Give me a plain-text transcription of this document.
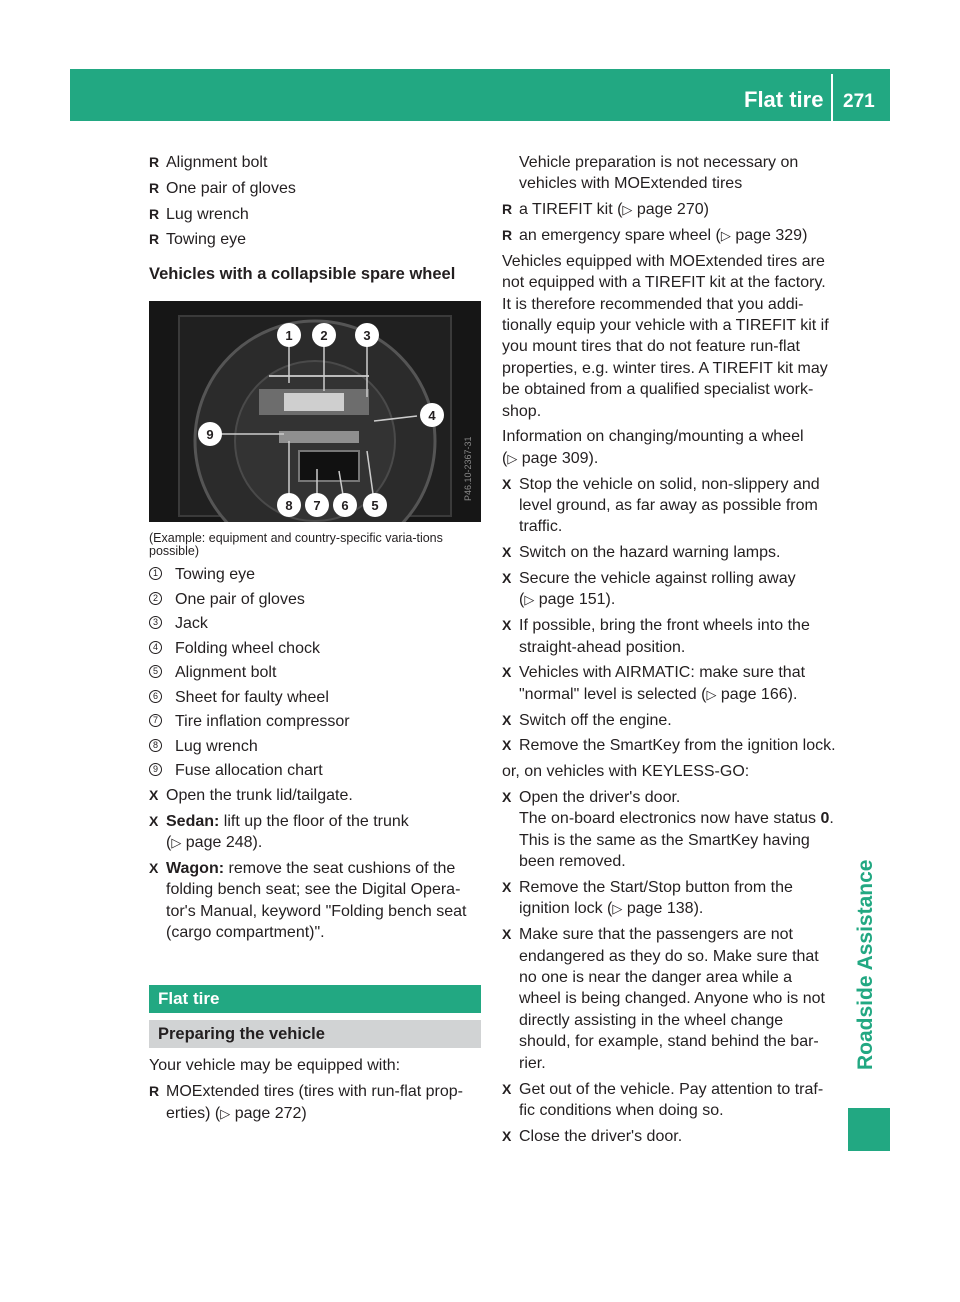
Flat tire 271
Roadside Assistance
R Alignment bolt
R One pair of gloves
R Lug wrench
R Towing eye
Vehicles with a collapsible spare wheel
1 2	3
4
5
6
7
8
9
P46.10-2367-31
(Example: equipment and country-specific varia-tions possible)
1 Towing eye
2 One pair of gloves
3 Jack
4 Folding wheel chock
5 Alignment bolt
6 Sheet for faulty wheel
7 Tire inflation compressor
8 Lug wrench
9 Fuse allocation chart
X Open the trunk lid/tailgate.
X Sedan: lift up the floor of the trunk
(▷ page 248).
X Wagon: remove the seat cushions of the folding bench seat; see the Digital Opera-tor's Manual, keyword "Folding bench seat (cargo compartment)".
Flat tire
Preparing the vehicle
Your vehicle may be equipped with:
R MOExtended tires (tires with run-flat prop-erties) (▷ page 272)
Vehicle preparation is not necessary on vehicles with MOExtended tires
R a TIREFIT kit (▷ page 270)
R an emergency spare wheel (▷ page 329)
Vehicles equipped with MOExtended tires are not equipped with a TIREFIT kit at the factory. It is therefore recommended that you addi-tionally equip your vehicle with a TIREFIT kit if you mount tires that do not feature run-flat properties, e.g. winter tires. A TIREFIT kit may be obtained from a qualified specialist work-shop.
Information on changing/mounting a wheel
(▷ page 309).
X Stop the vehicle on solid, non-slippery and level ground, as far away as possible from traffic.
X Switch on the hazard warning lamps.
X Secure the vehicle against rolling away
(▷ page 151).
X If possible, bring the front wheels into the straight-ahead position.
X Vehicles with AIRMATIC: make sure that "normal" level is selected (▷ page 166).
X Switch off the engine.
X Remove the SmartKey from the ignition lock.
or, on vehicles with KEYLESS-GO:
X Open the driver's door.
The on-board electronics now have status 0. This is the same as the SmartKey having been removed.
X Remove the Start/Stop button from the ignition lock (▷ page 138).
X Make sure that the passengers are not endangered as they do so. Make sure that no one is near the danger area while a wheel is being changed. Anyone who is not directly assisting in the wheel change should, for example, stand behind the bar-rier.
X Get out of the vehicle. Pay attention to traf-fic conditions when doing so.
X Close the driver's door.
